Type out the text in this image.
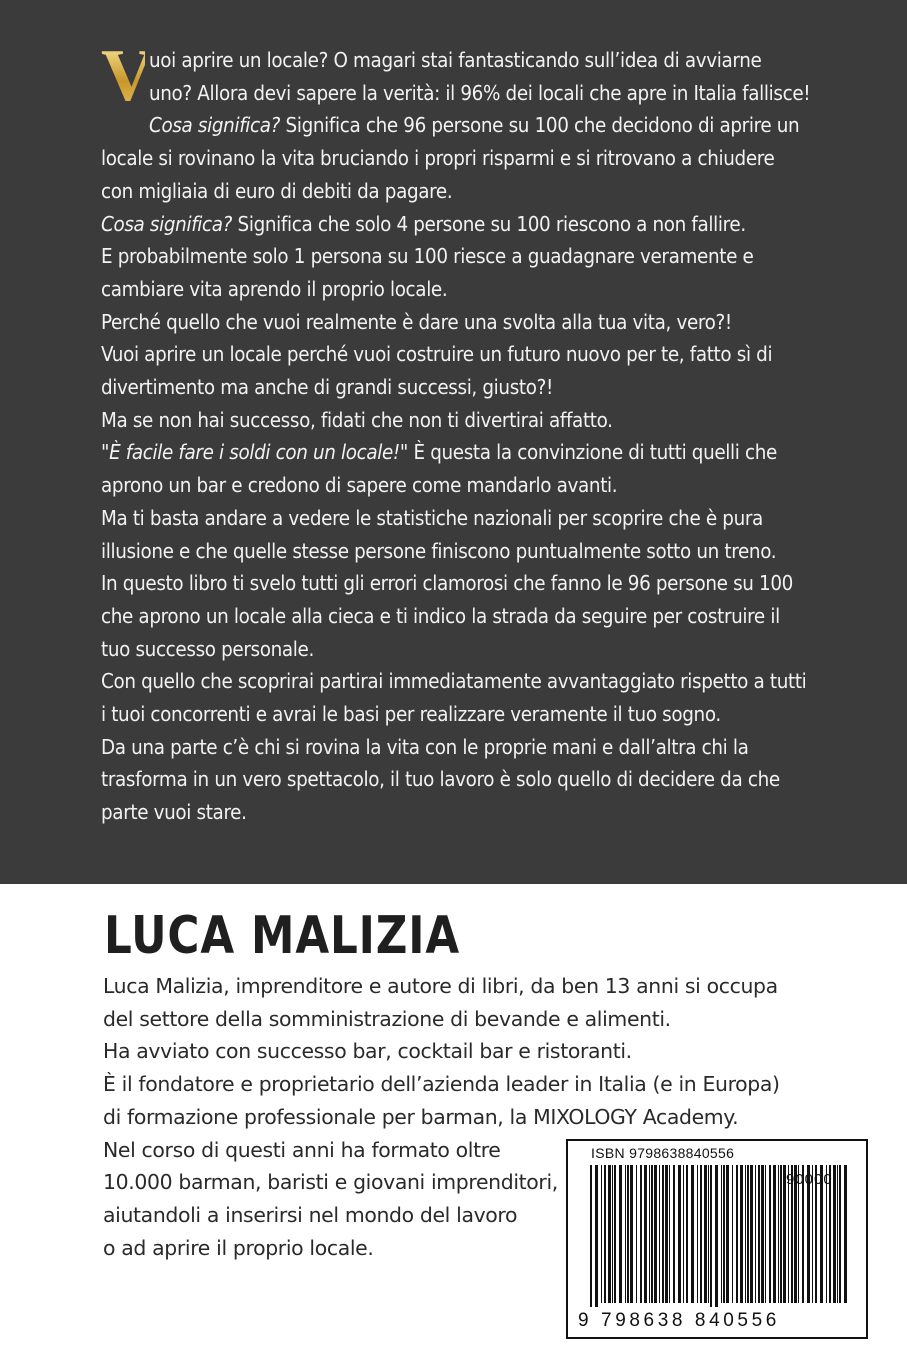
V

uoi aprire un locale? O magari stai fantasticando sull’idea di avviarne

uno? Allora devi sapere la verità: il 96% dei locali che apre in Italia fallisce!

Cosa significa? Significa che 96 persone su 100 che decidono di aprire un

locale si rovinano la vita bruciando i propri risparmi e si ritrovano a chiudere

con migliaia di euro di debiti da pagare.

Cosa significa? Significa che solo 4 persone su 100 riescono a non fallire.

E probabilmente solo 1 persona su 100 riesce a guadagnare veramente e

cambiare vita aprendo il proprio locale.

Perché quello che vuoi realmente è dare una svolta alla tua vita, vero?!

Vuoi aprire un locale perché vuoi costruire un futuro nuovo per te, fatto sì di

divertimento ma anche di grandi successi, giusto?!

Ma se non hai successo, fidati che non ti divertirai affatto.

"È facile fare i soldi con un locale!" È questa la convinzione di tutti quelli che

aprono un bar e credono di sapere come mandarlo avanti.

Ma ti basta andare a vedere le statistiche nazionali per scoprire che è pura

illusione e che quelle stesse persone finiscono puntualmente sotto un treno.

In questo libro ti svelo tutti gli errori clamorosi che fanno le 96 persone su 100

che aprono un locale alla cieca e ti indico la strada da seguire per costruire il

tuo successo personale.

Con quello che scoprirai partirai immediatamente avvantaggiato rispetto a tutti

i tuoi concorrenti e avrai le basi per realizzare veramente il tuo sogno.

Da una parte c’è chi si rovina la vita con le proprie mani e dall’altra chi la

trasforma in un vero spettacolo, il tuo lavoro è solo quello di decidere da che

parte vuoi stare.

LUCA MALIZIA

Luca Malizia, imprenditore e autore di libri, da ben 13 anni si occupa

del settore della somministrazione di bevande e alimenti.

Ha avviato con successo bar, cocktail bar e ristoranti.

È il fondatore e proprietario dell’azienda leader in Italia (e in Europa)

di formazione professionale per barman, la MIXOLOGY Academy.

Nel corso di questi anni ha formato oltre

10.000 barman, baristi e giovani imprenditori,

aiutandoli a inserirsi nel mondo del lavoro

o ad aprire il proprio locale.

ISBN 9798638840556
90000
9 798638 840556
